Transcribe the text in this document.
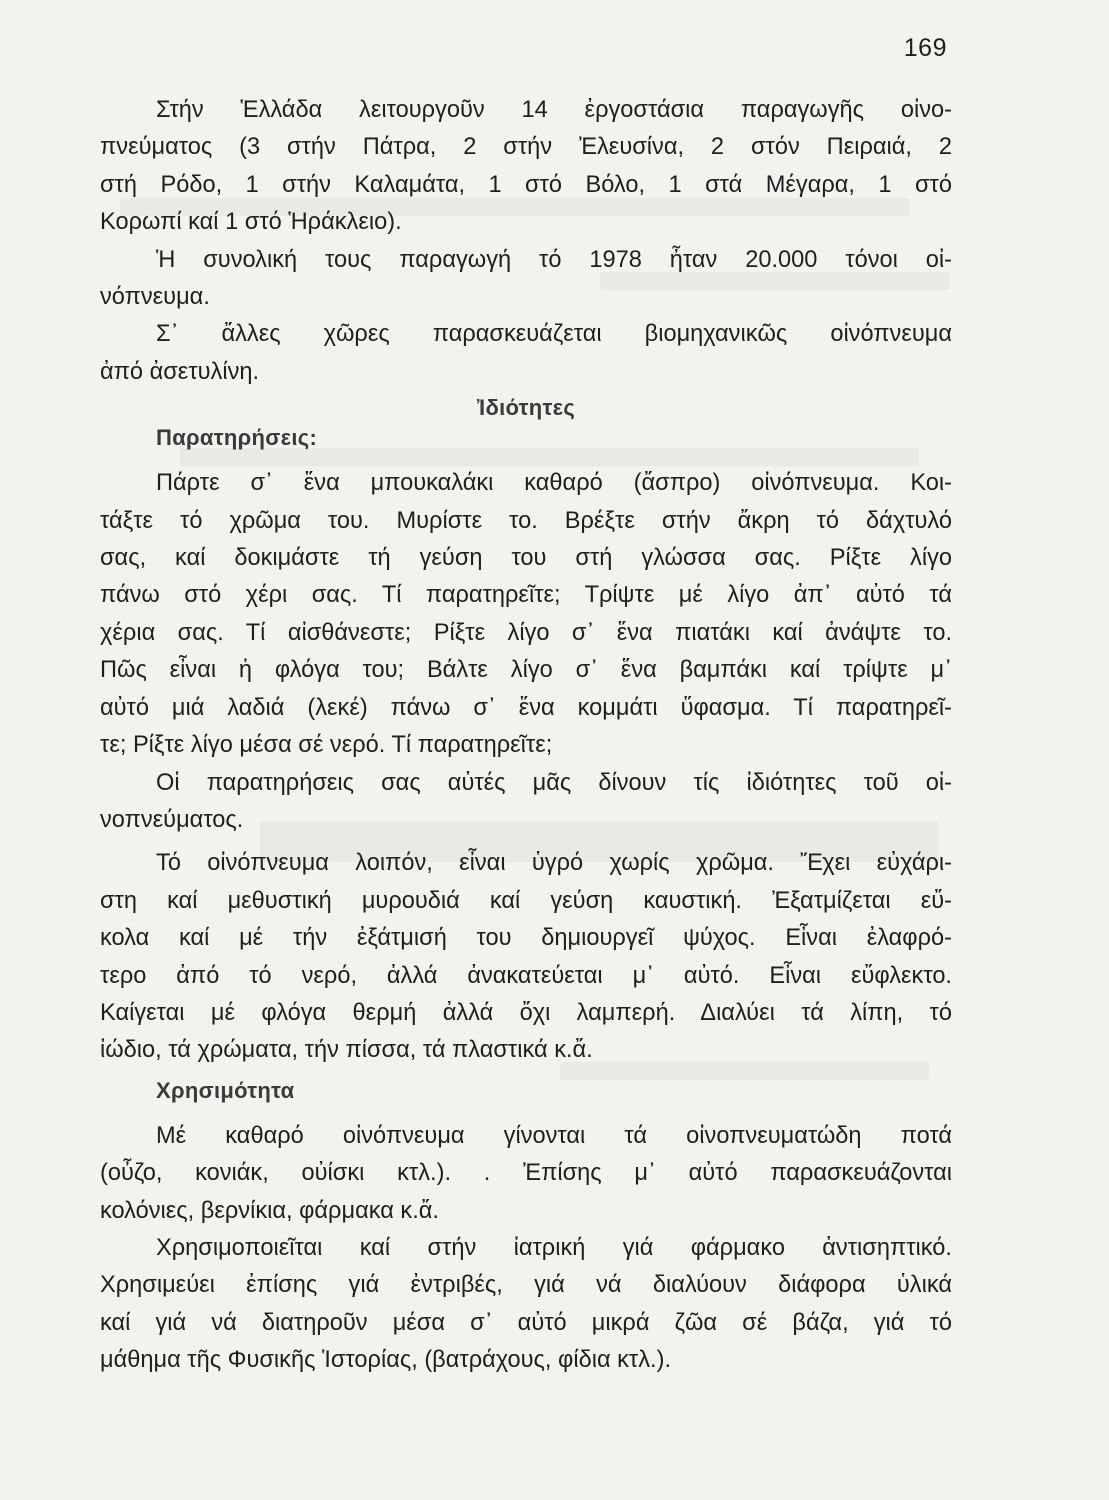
169
Στήν Ἑλλάδα λειτουργοῦν 14 ἐργοστάσια παραγωγῆς οἰνο-
πνεύματος (3 στήν Πάτρα, 2 στήν Ἐλευσίνα, 2 στόν Πειραιά, 2
στή Ρόδο, 1 στήν Καλαμάτα, 1 στό Βόλο, 1 στά Μέγαρα, 1 στό
Κορωπί καί 1 στό Ἡράκλειο).
Ἡ συνολική τους παραγωγή τό 1978 ἦταν 20.000 τόνοι οἰ-
νόπνευμα.
Σ᾿ ἄλλες χῶρες παρασκευάζεται βιομηχανικῶς οἰνόπνευμα
ἀπό ἀσετυλίνη.
Ἰδιότητες
Παρατηρήσεις:
Πάρτε σ᾿ ἕνα μπουκαλάκι καθαρό (ἄσπρο) οἰνόπνευμα. Κοι-
τάξτε τό χρῶμα του. Μυρίστε το. Βρέξτε στήν ἄκρη τό δάχτυλό
σας, καί δοκιμάστε τή γεύση του στή γλώσσα σας. Ρίξτε λίγο
πάνω στό χέρι σας. Τί παρατηρεῖτε; Τρίψτε μέ λίγο ἀπ᾿ αὐτό τά
χέρια σας. Τί αἰσθάνεστε; Ρίξτε λίγο σ᾿ ἕνα πιατάκι καί ἀνάψτε το.
Πῶς εἶναι ἡ φλόγα του; Βάλτε λίγο σ᾿ ἕνα βαμπάκι καί τρίψτε μ᾿
αὐτό μιά λαδιά (λεκέ) πάνω σ᾿ ἕνα κομμάτι ὕφασμα. Τί παρατηρεῖ-
τε; Ρίξτε λίγο μέσα σέ νερό. Τί παρατηρεῖτε;
Οἱ παρατηρήσεις σας αὐτές μᾶς δίνουν τίς ἰδιότητες τοῦ οἰ-
νοπνεύματος.
Τό οἰνόπνευμα λοιπόν, εἶναι ὑγρό χωρίς χρῶμα. Ἔχει εὐχάρι-
στη καί μεθυστική μυρουδιά καί γεύση καυστική. Ἐξατμίζεται εὔ-
κολα καί μέ τήν ἐξάτμισή του δημιουργεῖ ψύχος. Εἶναι ἐλαφρό-
τερο ἀπό τό νερό, ἀλλά ἀνακατεύεται μ᾿ αὐτό. Εἶναι εὔφλεκτο.
Καίγεται μέ φλόγα θερμή ἀλλά ὄχι λαμπερή. Διαλύει τά λίπη, τό
ἰώδιο, τά χρώματα, τήν πίσσα, τά πλαστικά κ.ἄ.
Χρησιμότητα
Μέ καθαρό οἰνόπνευμα γίνονται τά οἰνοπνευματώδη ποτά
(οὖζο, κονιάκ, οὐίσκι κτλ.). . Ἐπίσης μ᾿ αὐτό παρασκευάζονται
κολόνιες, βερνίκια, φάρμακα κ.ἄ.
Χρησιμοποιεῖται καί στήν ἰατρική γιά φάρμακο ἀντισηπτικό.
Χρησιμεύει ἐπίσης γιά ἐντριβές, γιά νά διαλύουν διάφορα ὑλικά
καί γιά νά διατηροῦν μέσα σ᾿ αὐτό μικρά ζῶα σέ βάζα, γιά τό
μάθημα τῆς Φυσικῆς Ἱστορίας, (βατράχους, φίδια κτλ.).
